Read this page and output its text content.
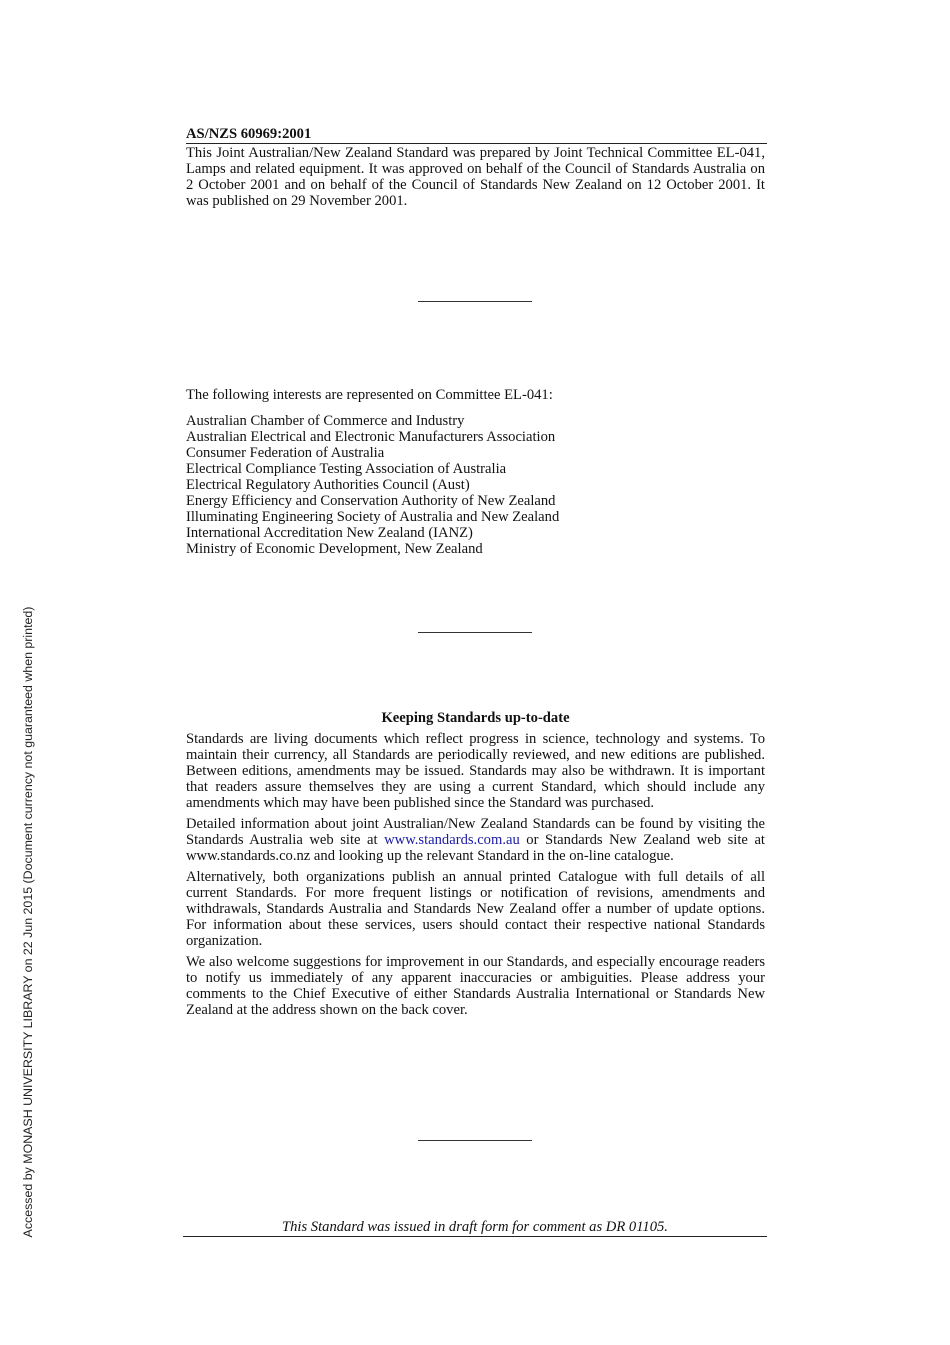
AS/NZS 60969:2001

This Joint Australian/New Zealand Standard was prepared by Joint Technical Committee EL-041, Lamps and related equipment. It was approved on behalf of the Council of Standards Australia on 2 October 2001 and on behalf of the Council of Standards New Zealand on 12 October 2001. It was published on 29 November 2001.

The following interests are represented on Committee EL-041:

Australian Chamber of Commerce and Industry
Australian Electrical and Electronic Manufacturers Association
Consumer Federation of Australia
Electrical Compliance Testing Association of Australia
Electrical Regulatory Authorities Council (Aust)
Energy Efficiency and Conservation Authority of New Zealand
Illuminating Engineering Society of Australia and New Zealand
International Accreditation New Zealand (IANZ)
Ministry of Economic Development, New Zealand
Keeping Standards up-to-date

Standards are living documents which reflect progress in science, technology and systems. To maintain their currency, all Standards are periodically reviewed, and new editions are published. Between editions, amendments may be issued. Standards may also be withdrawn. It is important that readers assure themselves they are using a current Standard, which should include any amendments which may have been published since the Standard was purchased.

Detailed information about joint Australian/New Zealand Standards can be found by visiting the Standards Australia web site at www.standards.com.au or Standards New Zealand web site at www.standards.co.nz and looking up the relevant Standard in the on-line catalogue.

Alternatively, both organizations publish an annual printed Catalogue with full details of all current Standards. For more frequent listings or notification of revisions, amendments and withdrawals, Standards Australia and Standards New Zealand offer a number of update options. For information about these services, users should contact their respective national Standards organization.

We also welcome suggestions for improvement in our Standards, and especially encourage readers to notify us immediately of any apparent inaccuracies or ambiguities. Please address your comments to the Chief Executive of either Standards Australia International or Standards New Zealand at the address shown on the back cover.

This Standard was issued in draft form for comment as DR 01105.
Accessed by MONASH UNIVERSITY LIBRARY on 22 Jun 2015 (Document currency not guaranteed when printed)
